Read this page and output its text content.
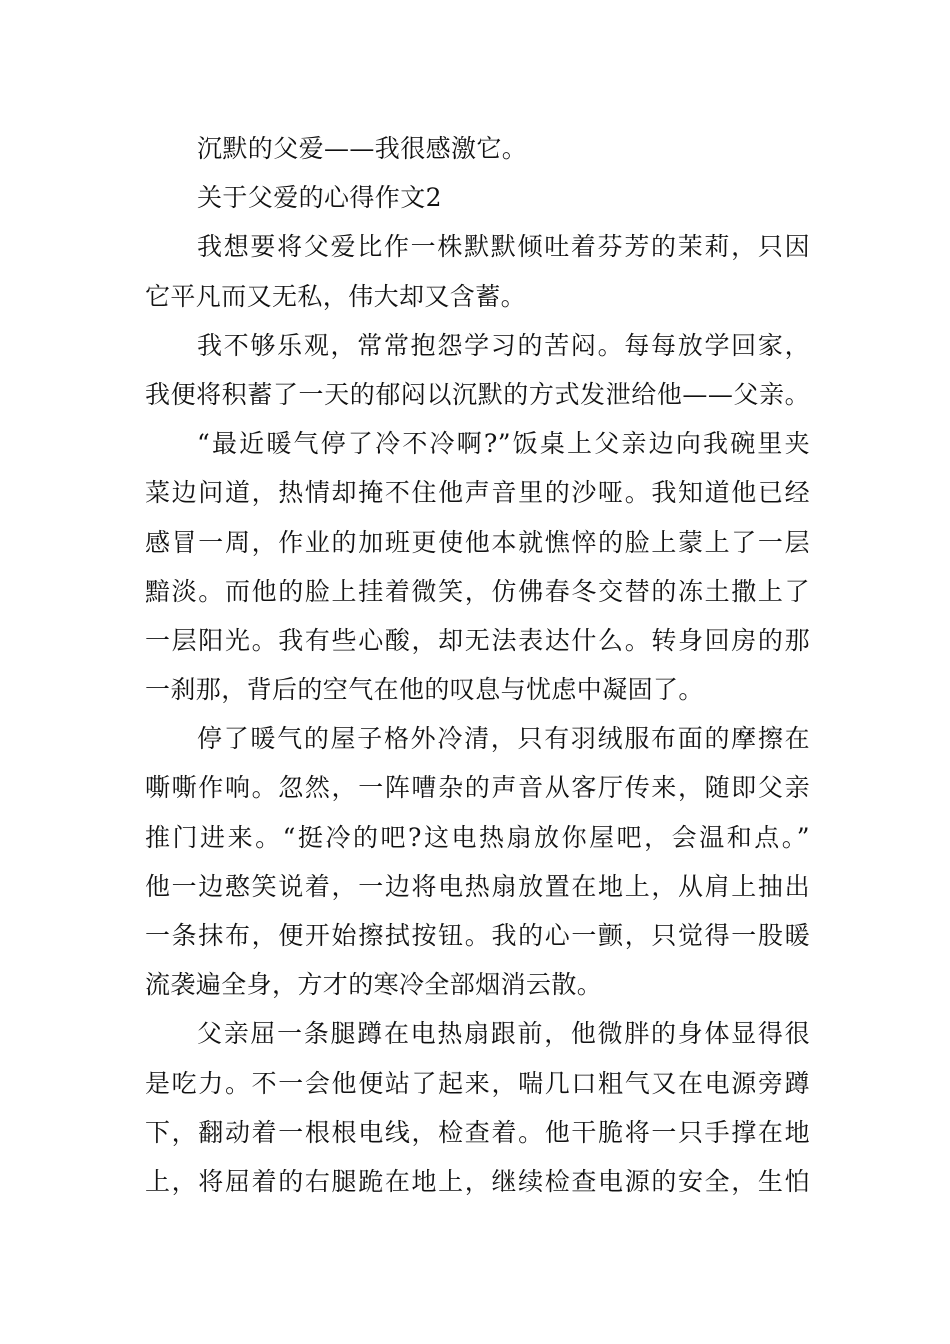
沉默的父爱——我很感激它。
关于父爱的心得作文2
我想要将父爱比作一株默默倾吐着芬芳的茉莉，只因
它平凡而又无私，伟大却又含蓄。
我不够乐观，常常抱怨学习的苦闷。每每放学回家，
我便将积蓄了一天的郁闷以沉默的方式发泄给他——父亲。
“最近暖气停了冷不冷啊?”饭桌上父亲边向我碗里夹
菜边问道，热情却掩不住他声音里的沙哑。我知道他已经
感冒一周，作业的加班更使他本就憔悴的脸上蒙上了一层
黯淡。而他的脸上挂着微笑，仿佛春冬交替的冻土撒上了
一层阳光。我有些心酸，却无法表达什么。转身回房的那
一刹那，背后的空气在他的叹息与忧虑中凝固了。
停了暖气的屋子格外冷清，只有羽绒服布面的摩擦在
嘶嘶作响。忽然，一阵嘈杂的声音从客厅传来，随即父亲
推门进来。“挺冷的吧?这电热扇放你屋吧，会温和点。”
他一边憨笑说着，一边将电热扇放置在地上，从肩上抽出
一条抹布，便开始擦拭按钮。我的心一颤，只觉得一股暖
流袭遍全身，方才的寒冷全部烟消云散。
父亲屈一条腿蹲在电热扇跟前，他微胖的身体显得很
是吃力。不一会他便站了起来，喘几口粗气又在电源旁蹲
下，翻动着一根根电线，检查着。他干脆将一只手撑在地
上，将屈着的右腿跪在地上，继续检查电源的安全，生怕
